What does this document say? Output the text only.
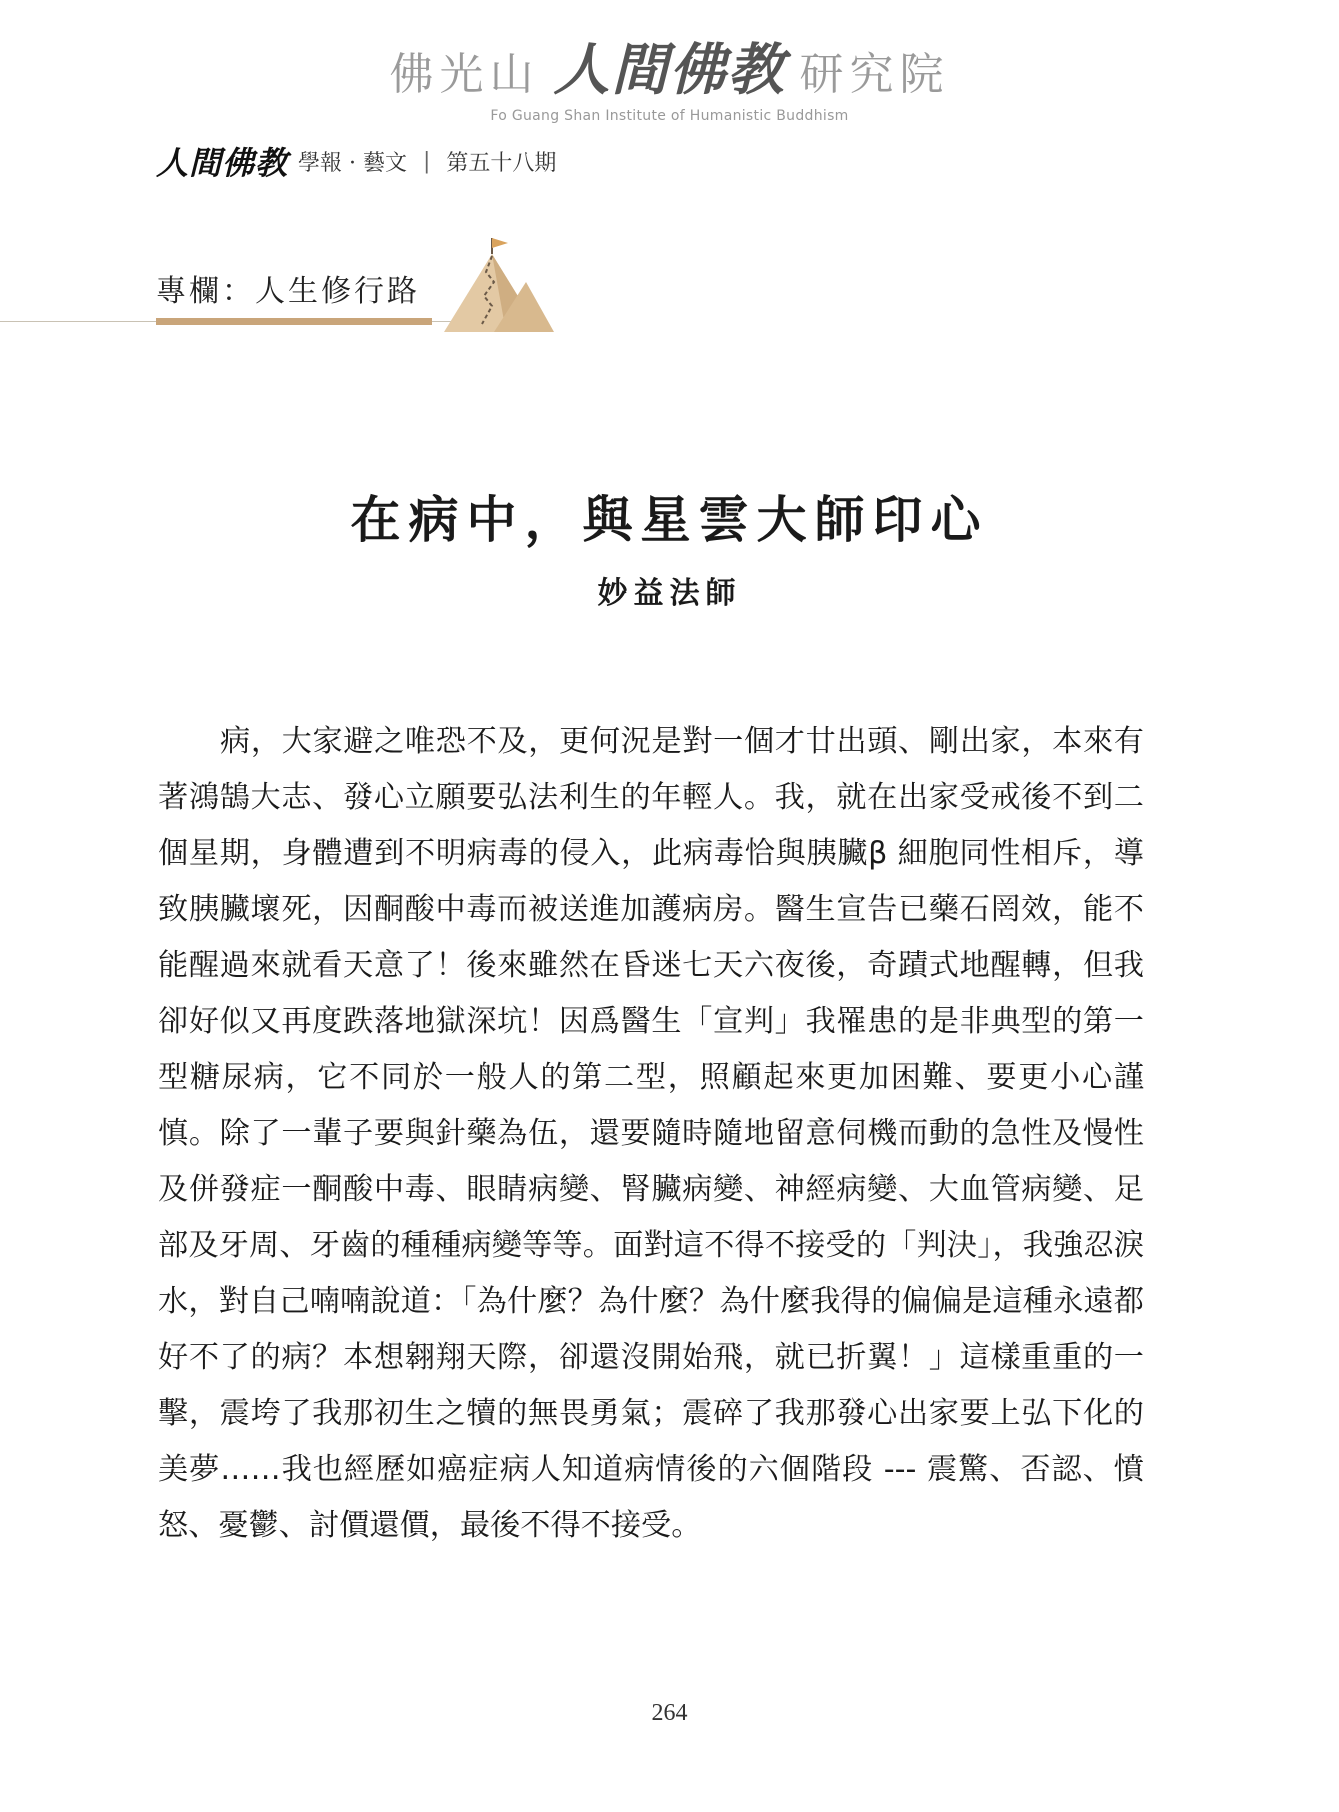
佛光山 人間佛教 研究院
Fo Guang Shan Institute of Humanistic Buddhism
人間佛教 學報 · 藝文 | 第五十八期
專欄：人生修行路
在病中，與星雲大師印心
妙益法師

病，大家避之唯恐不及，更何況是對一個才廿出頭、剛出家，本來有著鴻鵠大志、發心立願要弘法利生的年輕人。我，就在出家受戒後不到二個星期，身體遭到不明病毒的侵入，此病毒恰與胰臟β 細胞同性相斥，導致胰臟壞死，因酮酸中毒而被送進加護病房。醫生宣告已藥石罔效，能不能醒過來就看天意了！後來雖然在昏迷七天六夜後，奇蹟式地醒轉，但我卻好似又再度跌落地獄深坑！因爲醫生「宣判」我罹患的是非典型的第一型糖尿病，它不同於一般人的第二型，照顧起來更加困難、要更小心謹慎。除了一輩子要與針藥為伍，還要隨時隨地留意伺機而動的急性及慢性及併發症一酮酸中毒、眼睛病變、腎臟病變、神經病變、大血管病變、足部及牙周、牙齒的種種病變等等。面對這不得不接受的「判決」，我強忍淚水，對自己喃喃說道：「為什麼？為什麼？為什麼我得的偏偏是這種永遠都好不了的病？本想翱翔天際，卻還沒開始飛，就已折翼！」這樣重重的一擊，震垮了我那初生之犢的無畏勇氣；震碎了我那發心出家要上弘下化的美夢……我也經歷如癌症病人知道病情後的六個階段 --- 震驚、否認、憤怒、憂鬱、討價還價，最後不得不接受。

264
